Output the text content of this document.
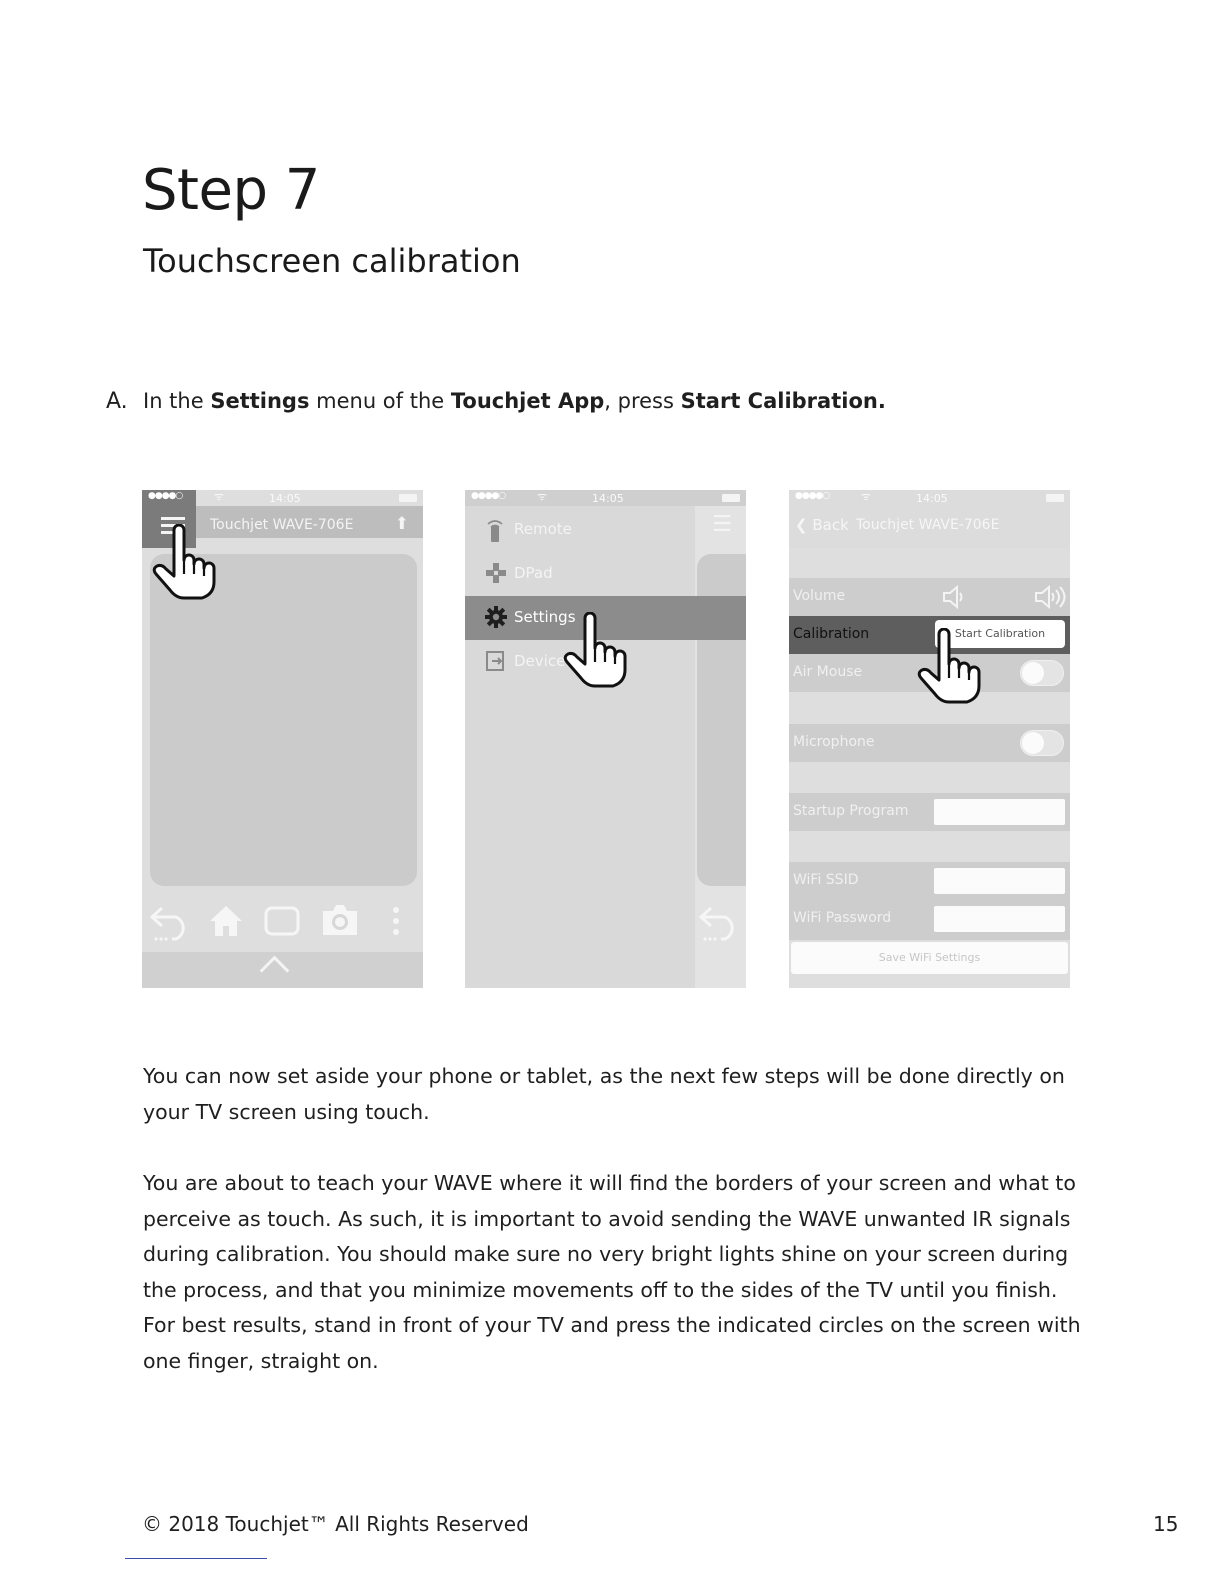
Step 7
Touchscreen calibration
A. In the Settings menu of the Touchjet App, press Start Calibration.
●●●●○	ᯤ	14:05
Touchjet WAVE-706E ⬆
●●●●○	ᯤ	14:05
☰
Remote
DPad
Settings
Device
●●●●○	ᯤ	14:05
❮ Back Touchjet WAVE-706E
Volume
Calibration	Start Calibration
Air Mouse
Microphone
Startup Program
WiFi SSID
WiFi Password
Save WiFi Settings
You can now set aside your phone or tablet, as the next few steps will be done directly on your TV screen using touch.
You are about to teach your WAVE where it will find the borders of your screen and what to perceive as touch. As such, it is important to avoid sending the WAVE unwanted IR signals during calibration. You should make sure no very bright lights shine on your screen during the process, and that you minimize movements off to the sides of the TV until you finish. For best results, stand in front of your TV and press the indicated circles on the screen with one finger, straight on.
© 2018 Touchjet™ All Rights Reserved	15
